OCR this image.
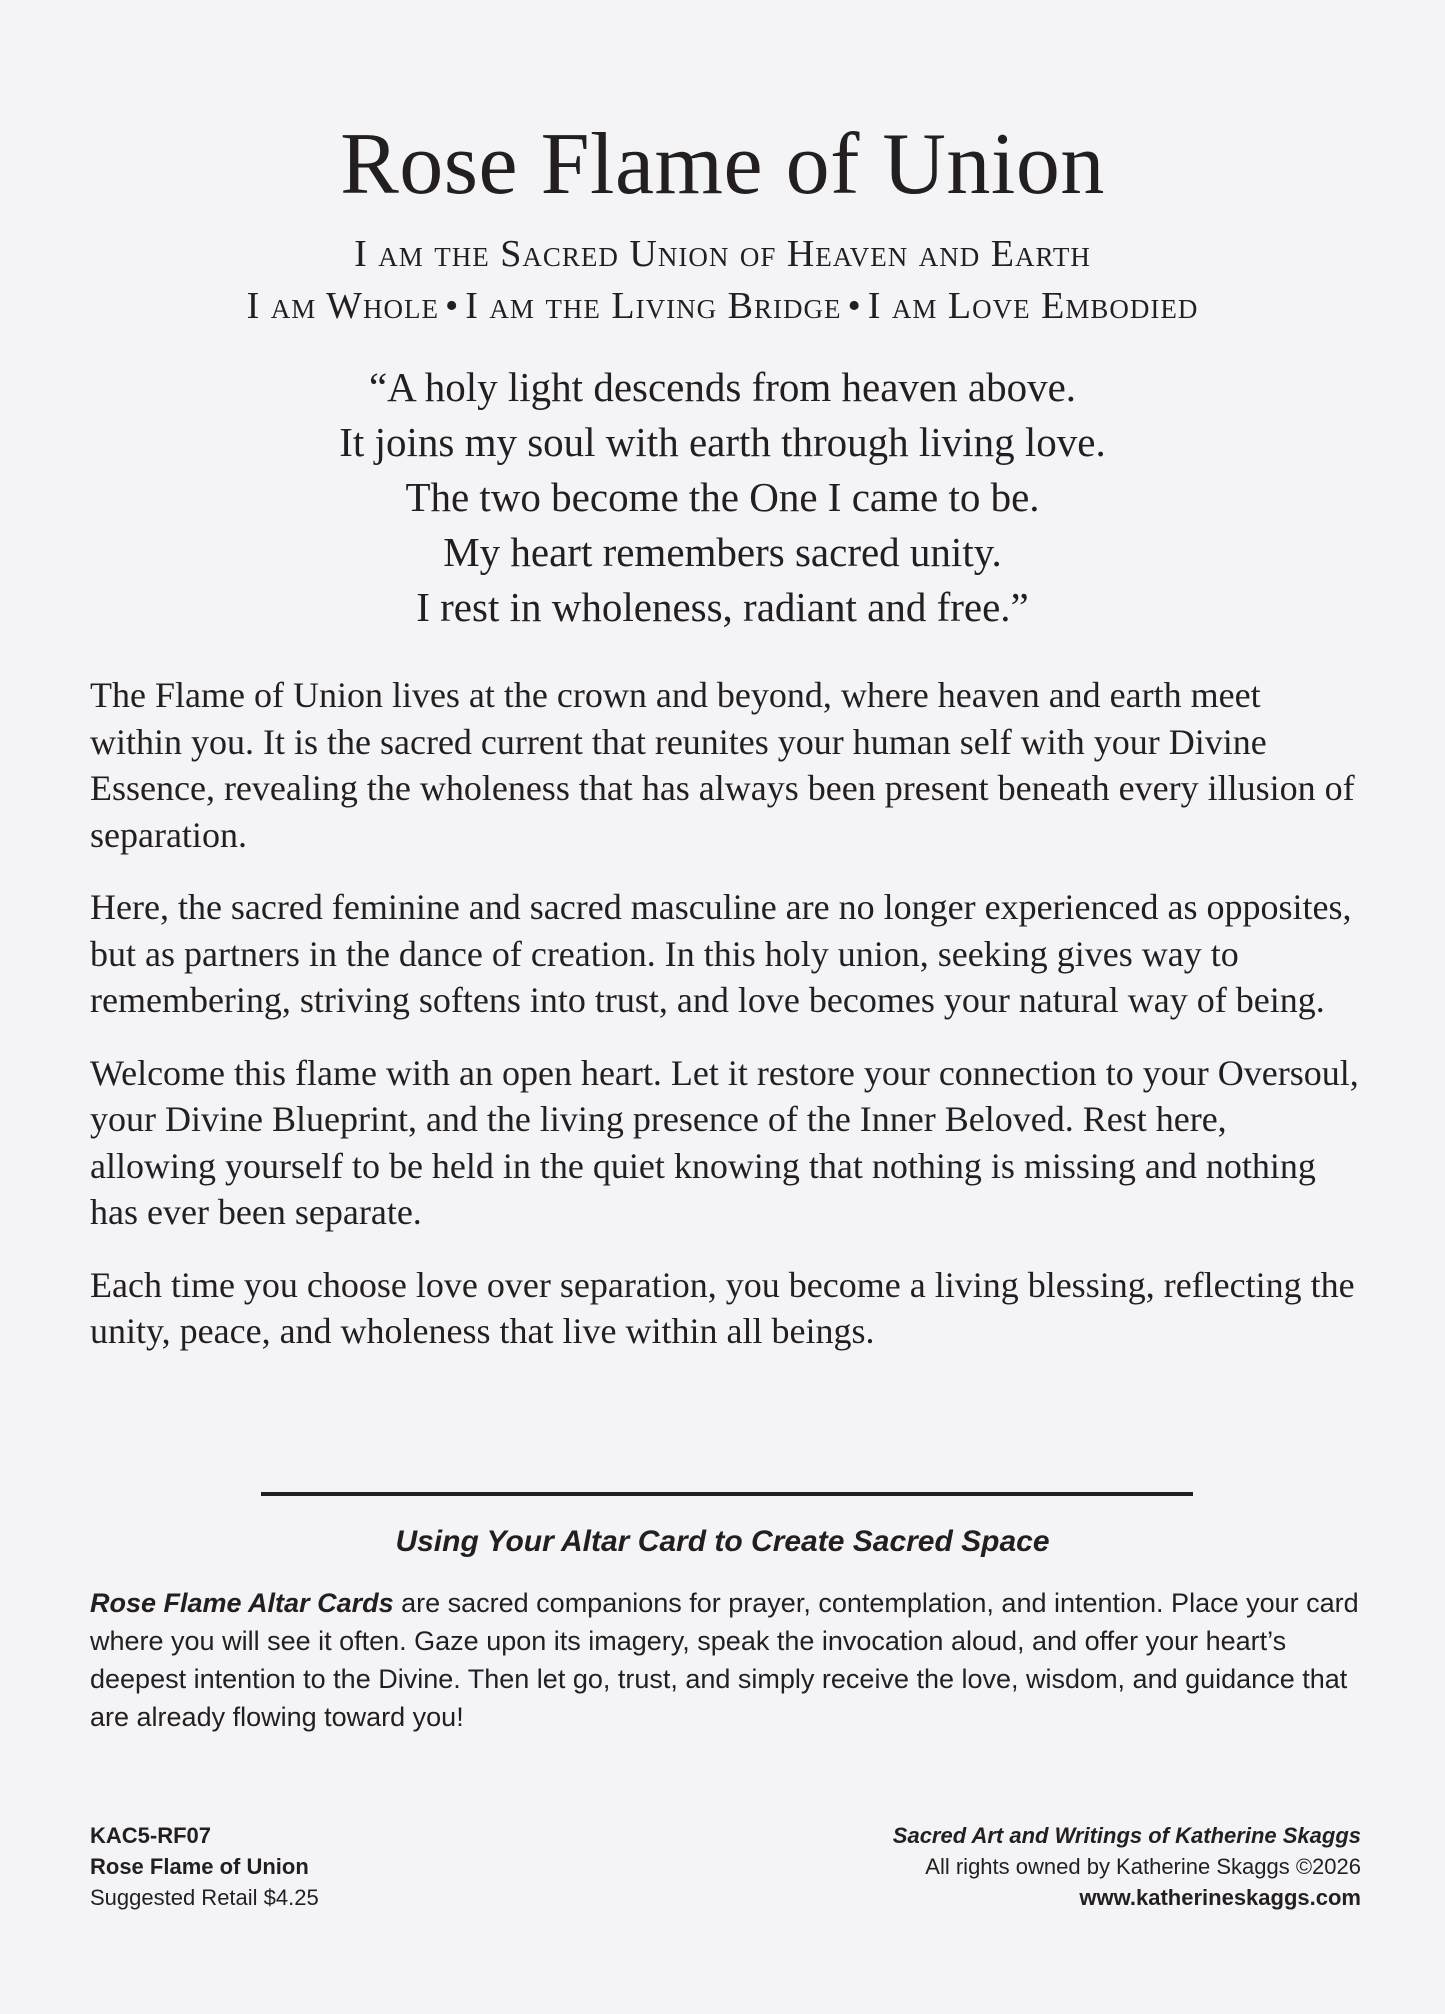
Rose Flame of Union
I am the Sacred Union of Heaven and Earth
I am Whole • I am the Living Bridge • I am Love Embodied
“A holy light descends from heaven above.
It joins my soul with earth through living love.
The two become the One I came to be.
My heart remembers sacred unity.
I rest in wholeness, radiant and free.”

The Flame of Union lives at the crown and beyond, where heaven and earth meet within you. It is the sacred current that reunites your human self with your Divine Essence, revealing the wholeness that has always been present beneath every illusion of separation.

Here, the sacred feminine and sacred masculine are no longer experienced as opposites, but as partners in the dance of creation. In this holy union, seeking gives way to remembering, striving softens into trust, and love becomes your natural way of being.

Welcome this flame with an open heart. Let it restore your connection to your Oversoul, your Divine Blueprint, and the living presence of the Inner Beloved. Rest here, allowing yourself to be held in the quiet knowing that nothing is missing and nothing has ever been separate.

Each time you choose love over separation, you become a living blessing, reflecting the unity, peace, and wholeness that live within all beings.

Using Your Altar Card to Create Sacred Space
Rose Flame Altar Cards are sacred companions for prayer, contemplation, and intention. Place your card where you will see it often. Gaze upon its imagery, speak the invocation aloud, and offer your heart’s deepest intention to the Divine. Then let go, trust, and simply receive the love, wisdom, and guidance that are already flowing toward you!
KAC5-RF07
Rose Flame of Union
Suggested Retail $4.25
Sacred Art and Writings of Katherine Skaggs
All rights owned by Katherine Skaggs ©2026
www.katherineskaggs.com
